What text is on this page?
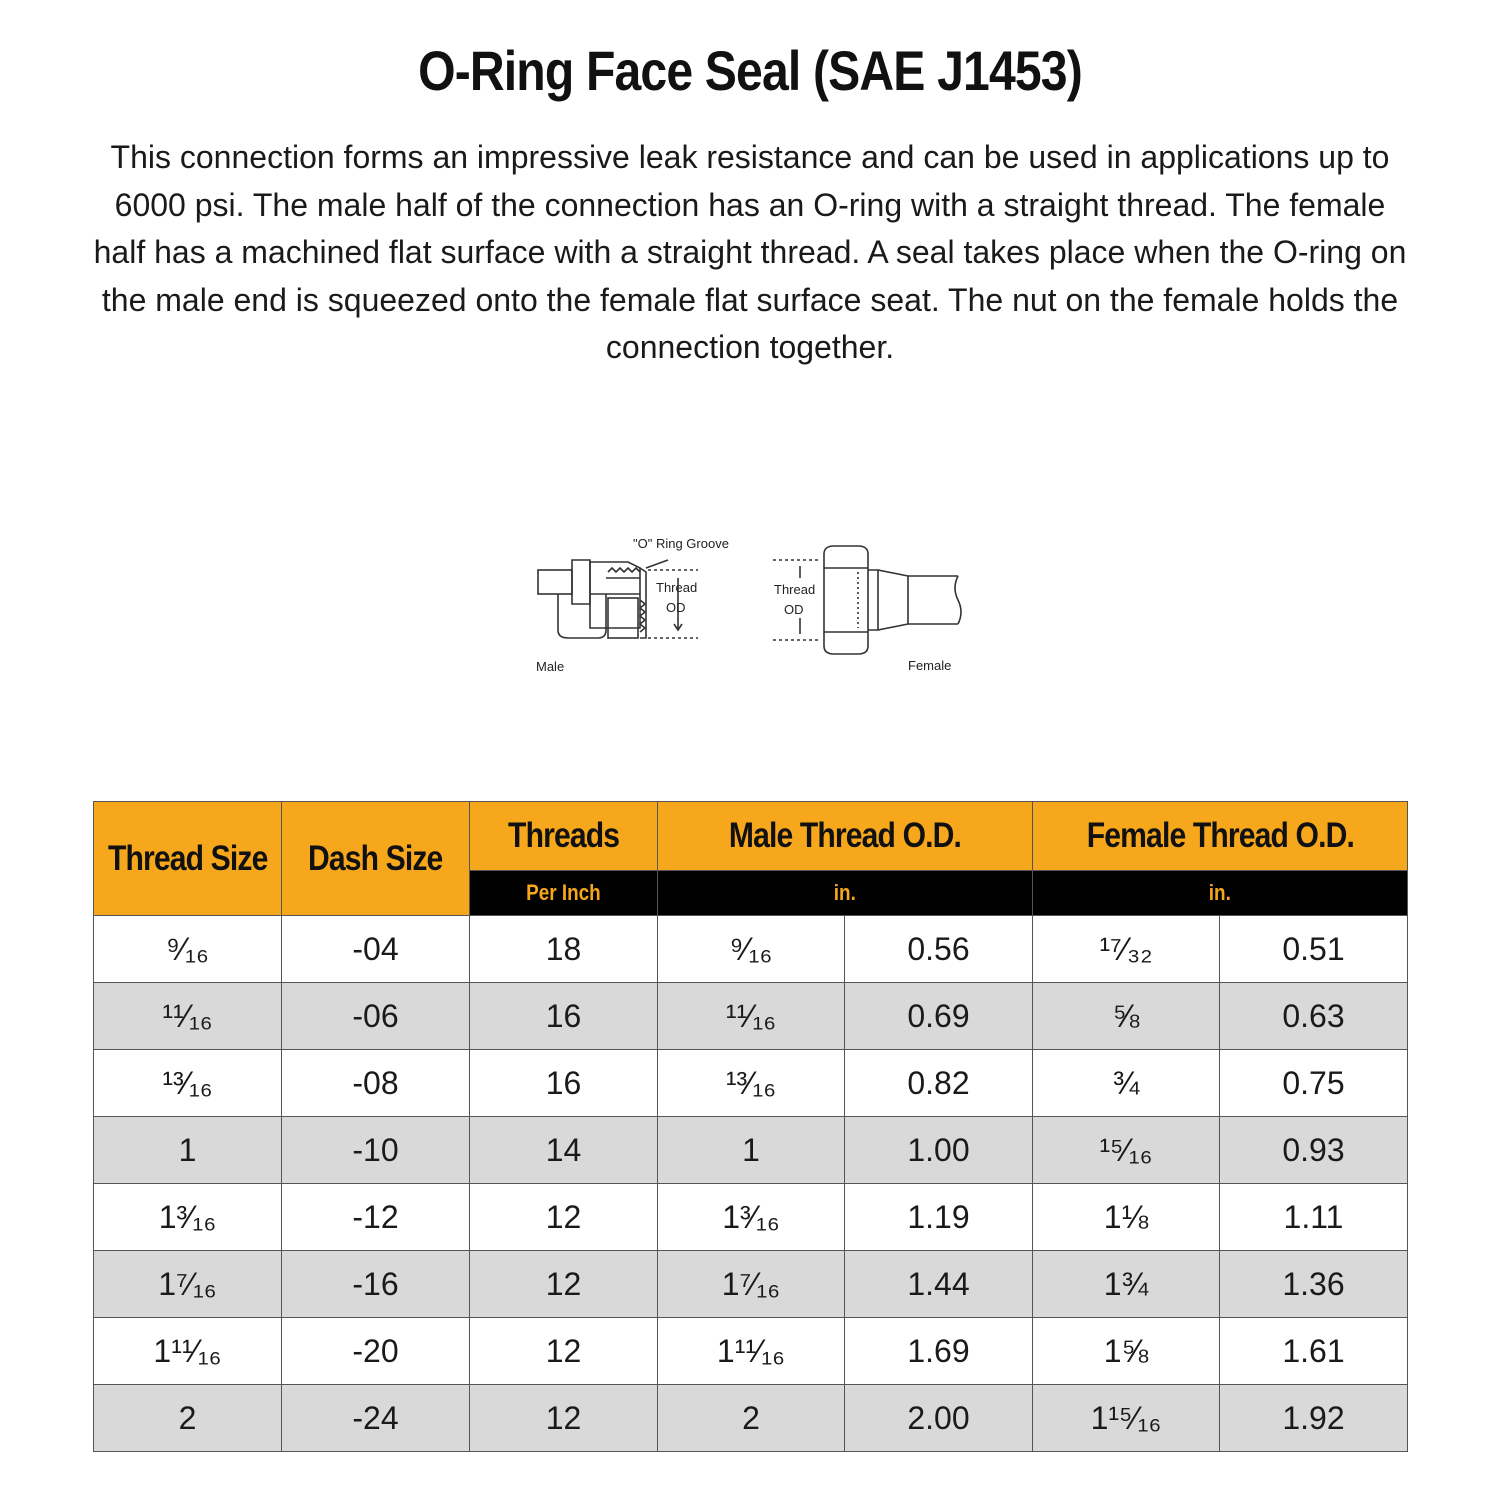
O-Ring Face Seal (SAE J1453)
This connection forms an impressive leak resistance and can be used in applications up to 6000 psi. The male half of the connection has an O-ring with a straight thread. The female half has a machined flat surface with a straight thread. A seal takes place when the O-ring on the male end is squeezed onto the female flat surface seat. The nut on the female holds the connection together.
"O" Ring Groove
Thread
OD
Thread
OD
Male	Female
Thread Size	Dash Size	Threads	Male Thread O.D.		Female Thread O.D.	
		Per Inch	in.		in.	
⁹⁄₁₆	-04	18	⁹⁄₁₆	0.56	¹⁷⁄₃₂	0.51
¹¹⁄₁₆	-06	16	¹¹⁄₁₆	0.69	⅝	0.63
¹³⁄₁₆	-08	16	¹³⁄₁₆	0.82	¾	0.75
1	-10	14	1	1.00	¹⁵⁄₁₆	0.93
1³⁄₁₆	-12	12	1³⁄₁₆	1.19	1⅛	1.11
1⁷⁄₁₆	-16	12	1⁷⁄₁₆	1.44	1¾	1.36
1¹¹⁄₁₆	-20	12	1¹¹⁄₁₆	1.69	1⅝	1.61
2	-24	12	2	2.00	1¹⁵⁄₁₆	1.92
